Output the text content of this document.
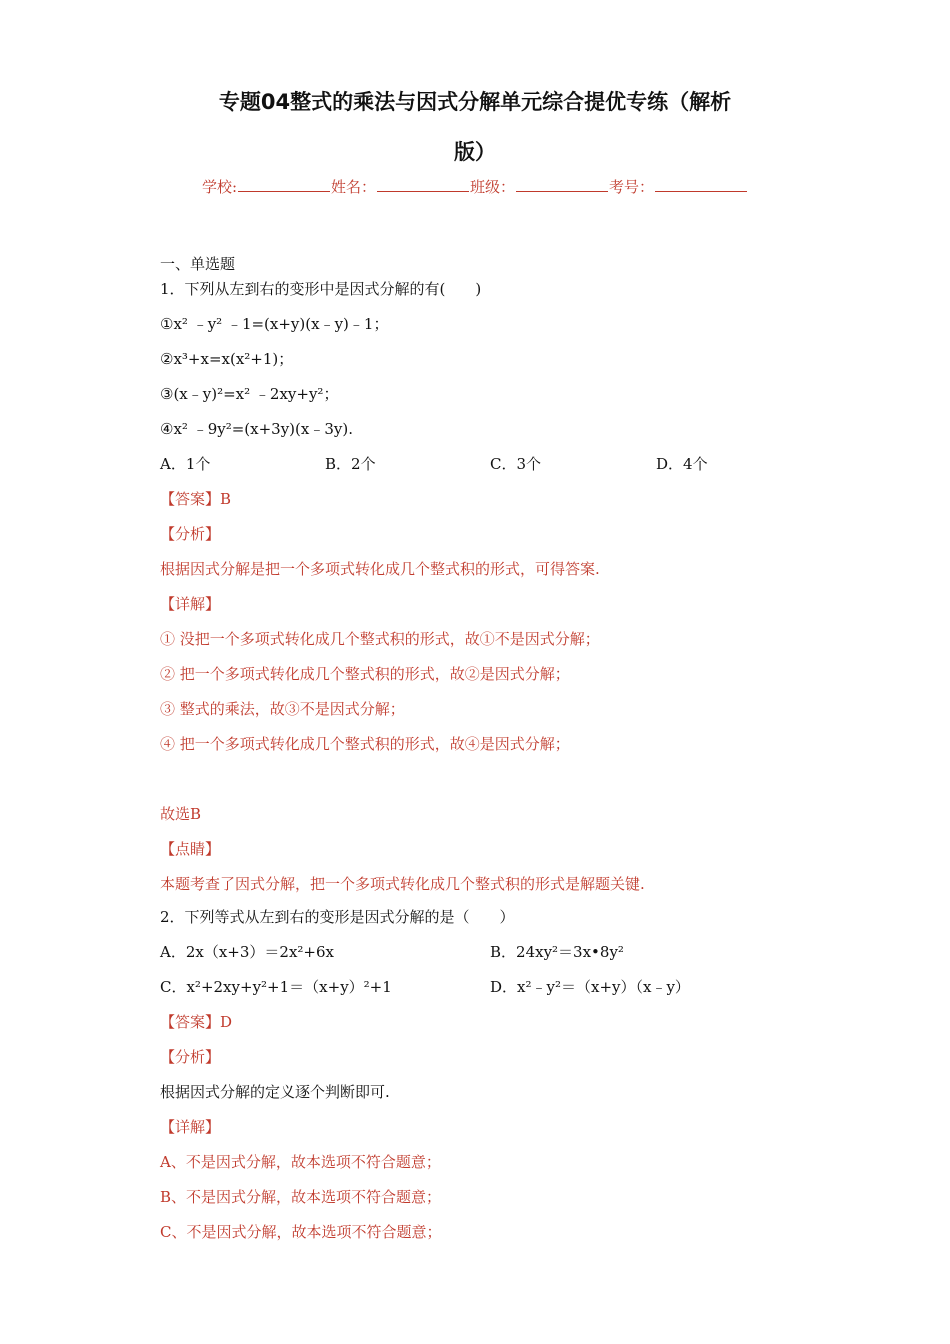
专题04整式的乘法与因式分解单元综合提优专练（解析
版）
学校:	姓名：	班级：	考号：
一、单选题
1．下列从左到右的变形中是因式分解的有(　　)
①x² ﹣y² ﹣1=(x+y)(x﹣y)﹣1；
②x³+x=x(x²+1)；
③(x﹣y)²=x² ﹣2xy+y²；
④x² ﹣9y²=(x+3y)(x﹣3y).
A．1个	B．2个	C．3个	D．4个
【答案】B
【分析】
根据因式分解是把一个多项式转化成几个整式积的形式，可得答案.
【详解】
① 没把一个多项式转化成几个整式积的形式，故①不是因式分解；
② 把一个多项式转化成几个整式积的形式，故②是因式分解；
③ 整式的乘法，故③不是因式分解；
④ 把一个多项式转化成几个整式积的形式，故④是因式分解；
故选B
【点睛】
本题考查了因式分解，把一个多项式转化成几个整式积的形式是解题关键.
2．下列等式从左到右的变形是因式分解的是（　　）
A．2x（x+3）＝2x²+6x	B．24xy²＝3x•8y²
C．x²+2xy+y²+1＝（x+y）²+1	D．x²﹣y²＝（x+y）（x﹣y）
【答案】D
【分析】
根据因式分解的定义逐个判断即可.
【详解】
A、不是因式分解，故本选项不符合题意；
B、不是因式分解，故本选项不符合题意；
C、不是因式分解，故本选项不符合题意；
